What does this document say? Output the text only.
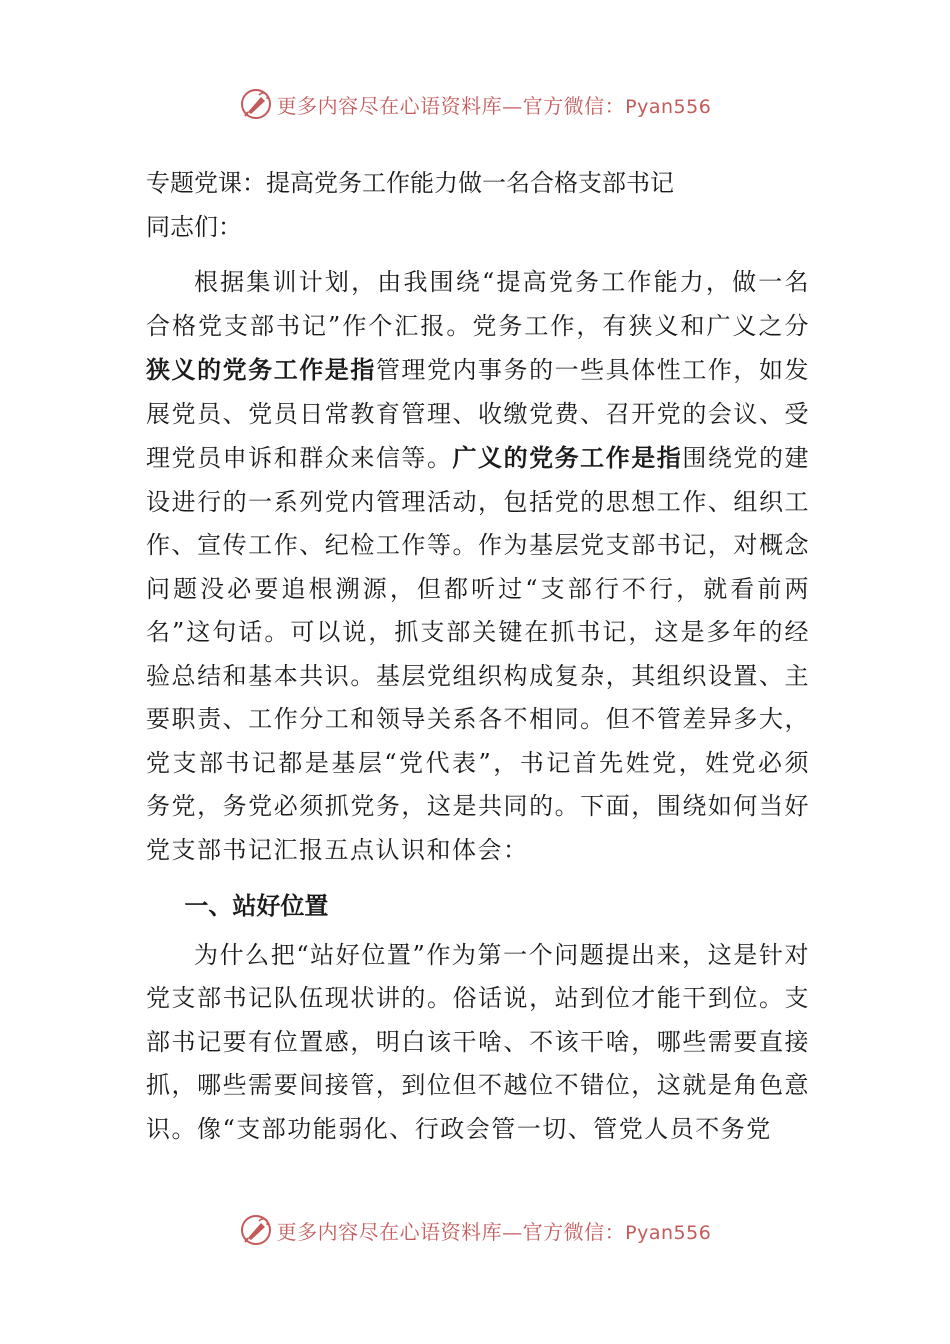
更多内容尽在心语资料库—官方微信：Pyan556

专题党课：提高党务工作能力做一名合格支部书记

同志们：

根据集训计划，由我围绕“提高党务工作能力，做一名合格党支部书记”作个汇报。党务工作，有狭义和广义之分狭义的党务工作是指管理党内事务的一些具体性工作，如发展党员、党员日常教育管理、收缴党费、召开党的会议、受理党员申诉和群众来信等。广义的党务工作是指围绕党的建设进行的一系列党内管理活动，包括党的思想工作、组织工作、宣传工作、纪检工作等。作为基层党支部书记，对概念问题没必要追根溯源，但都听过“支部行不行，就看前两名”这句话。可以说，抓支部关键在抓书记，这是多年的经验总结和基本共识。基层党组织构成复杂，其组织设置、主要职责、工作分工和领导关系各不相同。但不管差异多大，党支部书记都是基层“党代表”，书记首先姓党，姓党必须务党，务党必须抓党务，这是共同的。下面，围绕如何当好党支部书记汇报五点认识和体会：

一、站好位置

为什么把“站好位置”作为第一个问题提出来，这是针对党支部书记队伍现状讲的。俗话说，站到位才能干到位。支部书记要有位置感，明白该干啥、不该干啥，哪些需要直接抓，哪些需要间接管，到位但不越位不错位，这就是角色意识。像“支部功能弱化、行政会管一切、管党人员不务党

更多内容尽在心语资料库—官方微信：Pyan556
